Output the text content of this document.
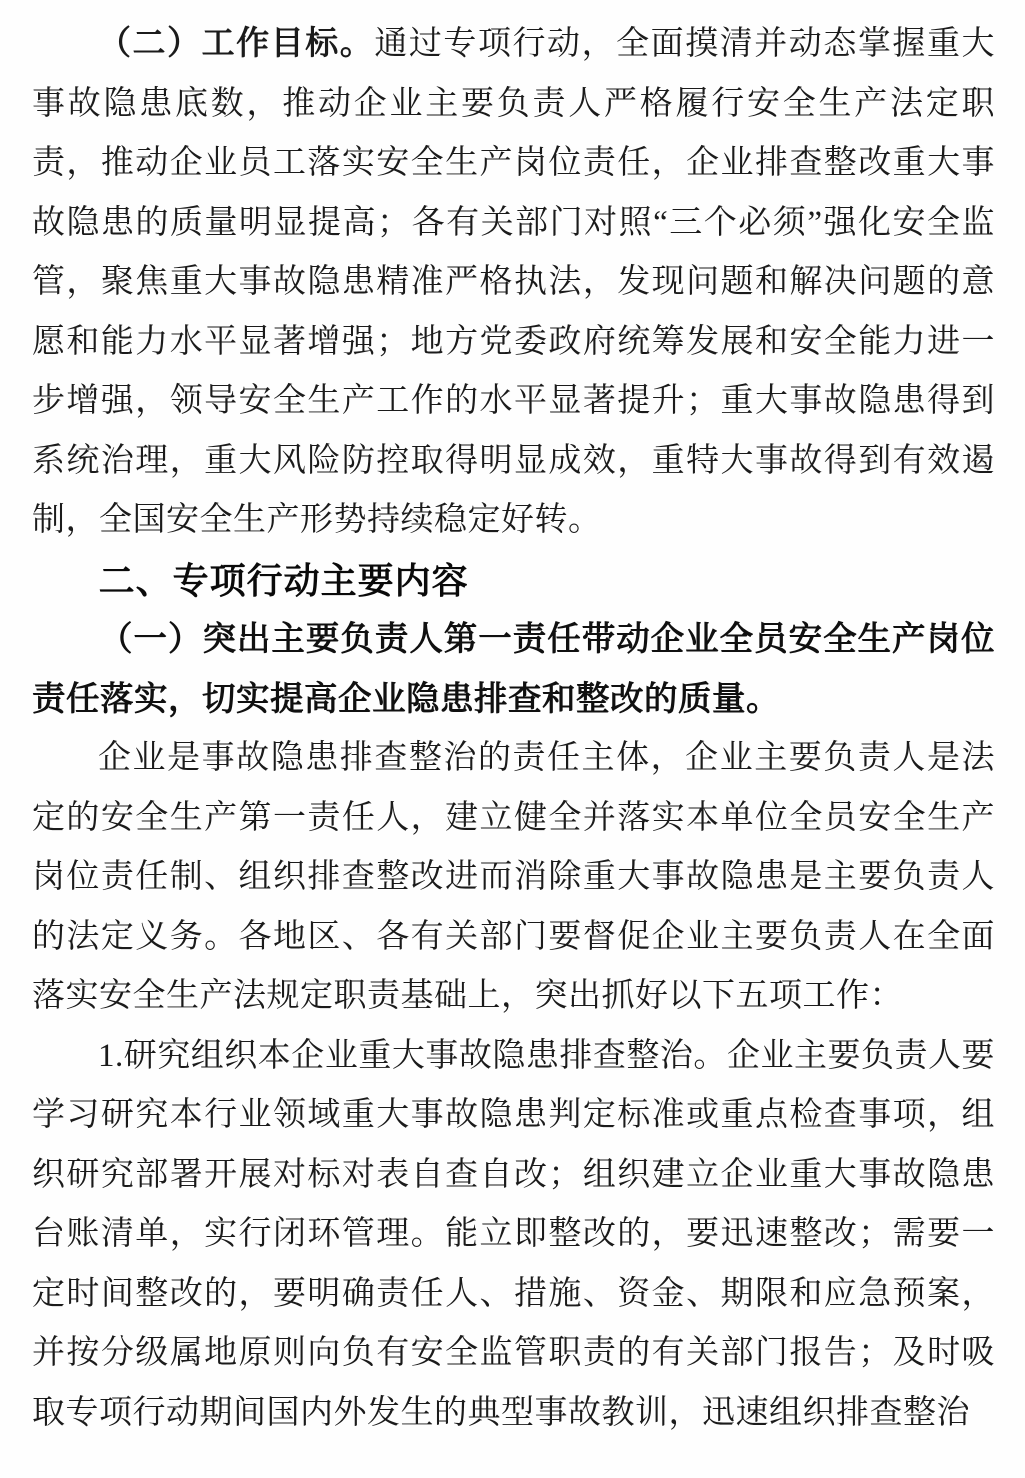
（二）工作目标。通过专项行动，全面摸清并动态掌握重大事故隐患底数，推动企业主要负责人严格履行安全生产法定职责，推动企业员工落实安全生产岗位责任，企业排查整改重大事故隐患的质量明显提高；各有关部门对照“三个必须”强化安全监管，聚焦重大事故隐患精准严格执法，发现问题和解决问题的意愿和能力水平显著增强；地方党委政府统筹发展和安全能力进一步增强，领导安全生产工作的水平显著提升；重大事故隐患得到系统治理，重大风险防控取得明显成效，重特大事故得到有效遏制，全国安全生产形势持续稳定好转。

二、专项行动主要内容

（一）突出主要负责人第一责任带动企业全员安全生产岗位责任落实，切实提高企业隐患排查和整改的质量。

企业是事故隐患排查整治的责任主体，企业主要负责人是法定的安全生产第一责任人，建立健全并落实本单位全员安全生产岗位责任制、组织排查整改进而消除重大事故隐患是主要负责人的法定义务。各地区、各有关部门要督促企业主要负责人在全面落实安全生产法规定职责基础上，突出抓好以下五项工作：

1.研究组织本企业重大事故隐患排查整治。企业主要负责人要学习研究本行业领域重大事故隐患判定标准或重点检查事项，组织研究部署开展对标对表自查自改；组织建立企业重大事故隐患台账清单，实行闭环管理。能立即整改的，要迅速整改；需要一定时间整改的，要明确责任人、措施、资金、期限和应急预案，并按分级属地原则向负有安全监管职责的有关部门报告；及时吸取专项行动期间国内外发生的典型事故教训，迅速组织排查整治
